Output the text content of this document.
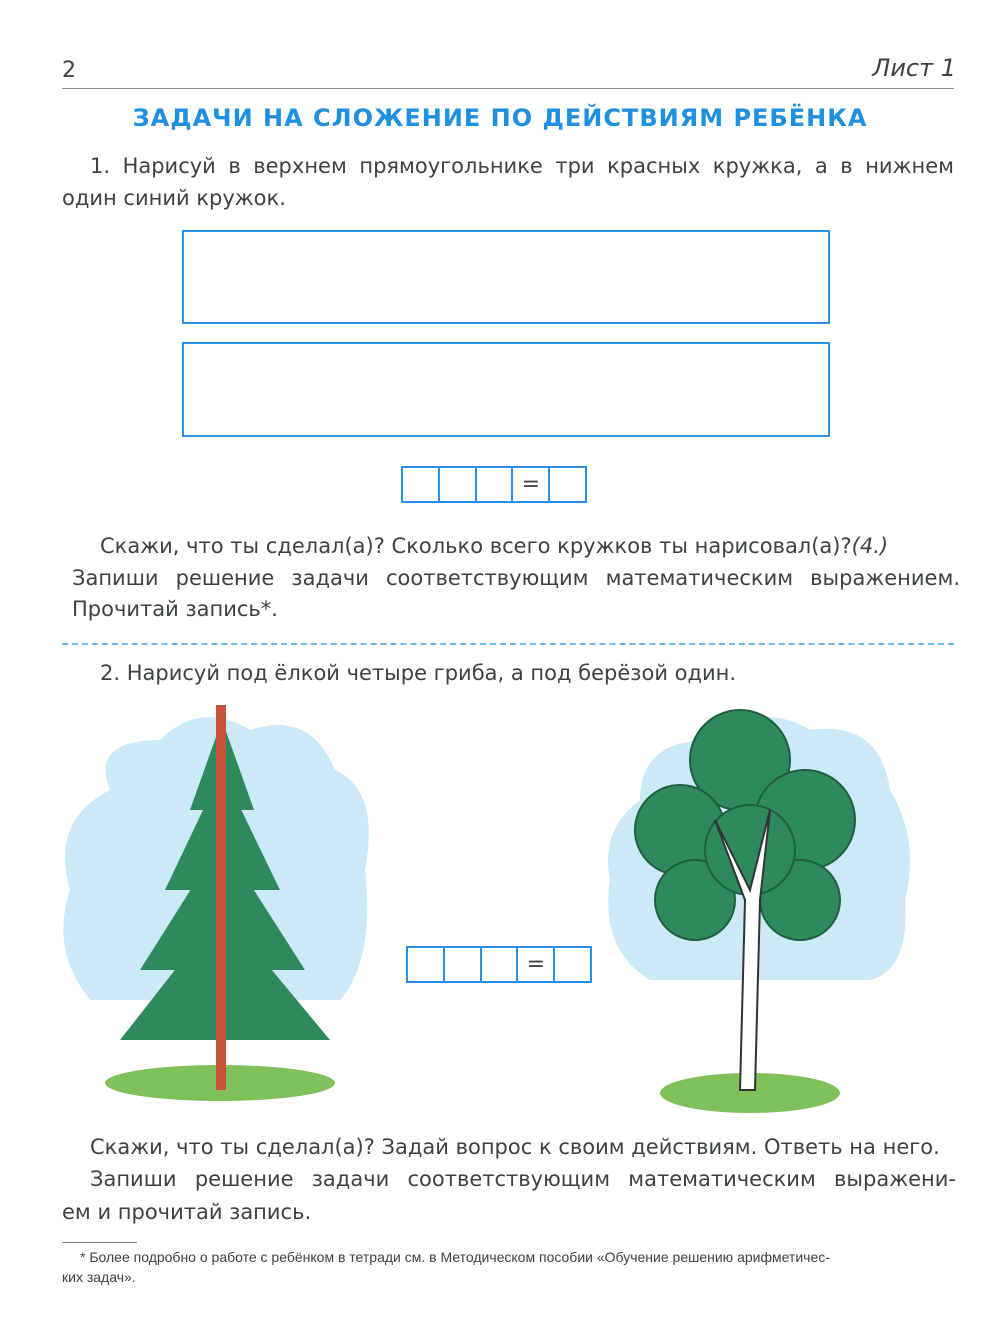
2	Лист 1
ЗАДАЧИ НА СЛОЖЕНИЕ ПО ДЕЙСТВИЯМ РЕБЁНКА
1. Нарисуй в верхнем прямоугольнике три красных кружка, а в нижнем
один синий кружок.
=
Скажи, что ты сделал(а)? Сколько всего кружков ты нарисовал(а)?(4.)
Запиши решение задачи соответствующим математическим выражением.
Прочитай запись*.
2. Нарисуй под ёлкой четыре гриба, а под берёзой один.
=
Скажи, что ты сделал(а)? Задай вопрос к своим действиям. Ответь на него.
Запиши решение задачи соответствующим математическим выражени-
ем и прочитай запись.
* Более подробно о работе с ребёнком в тетради см. в Методическом пособии «Обучение решению арифметичес-
ких задач».
